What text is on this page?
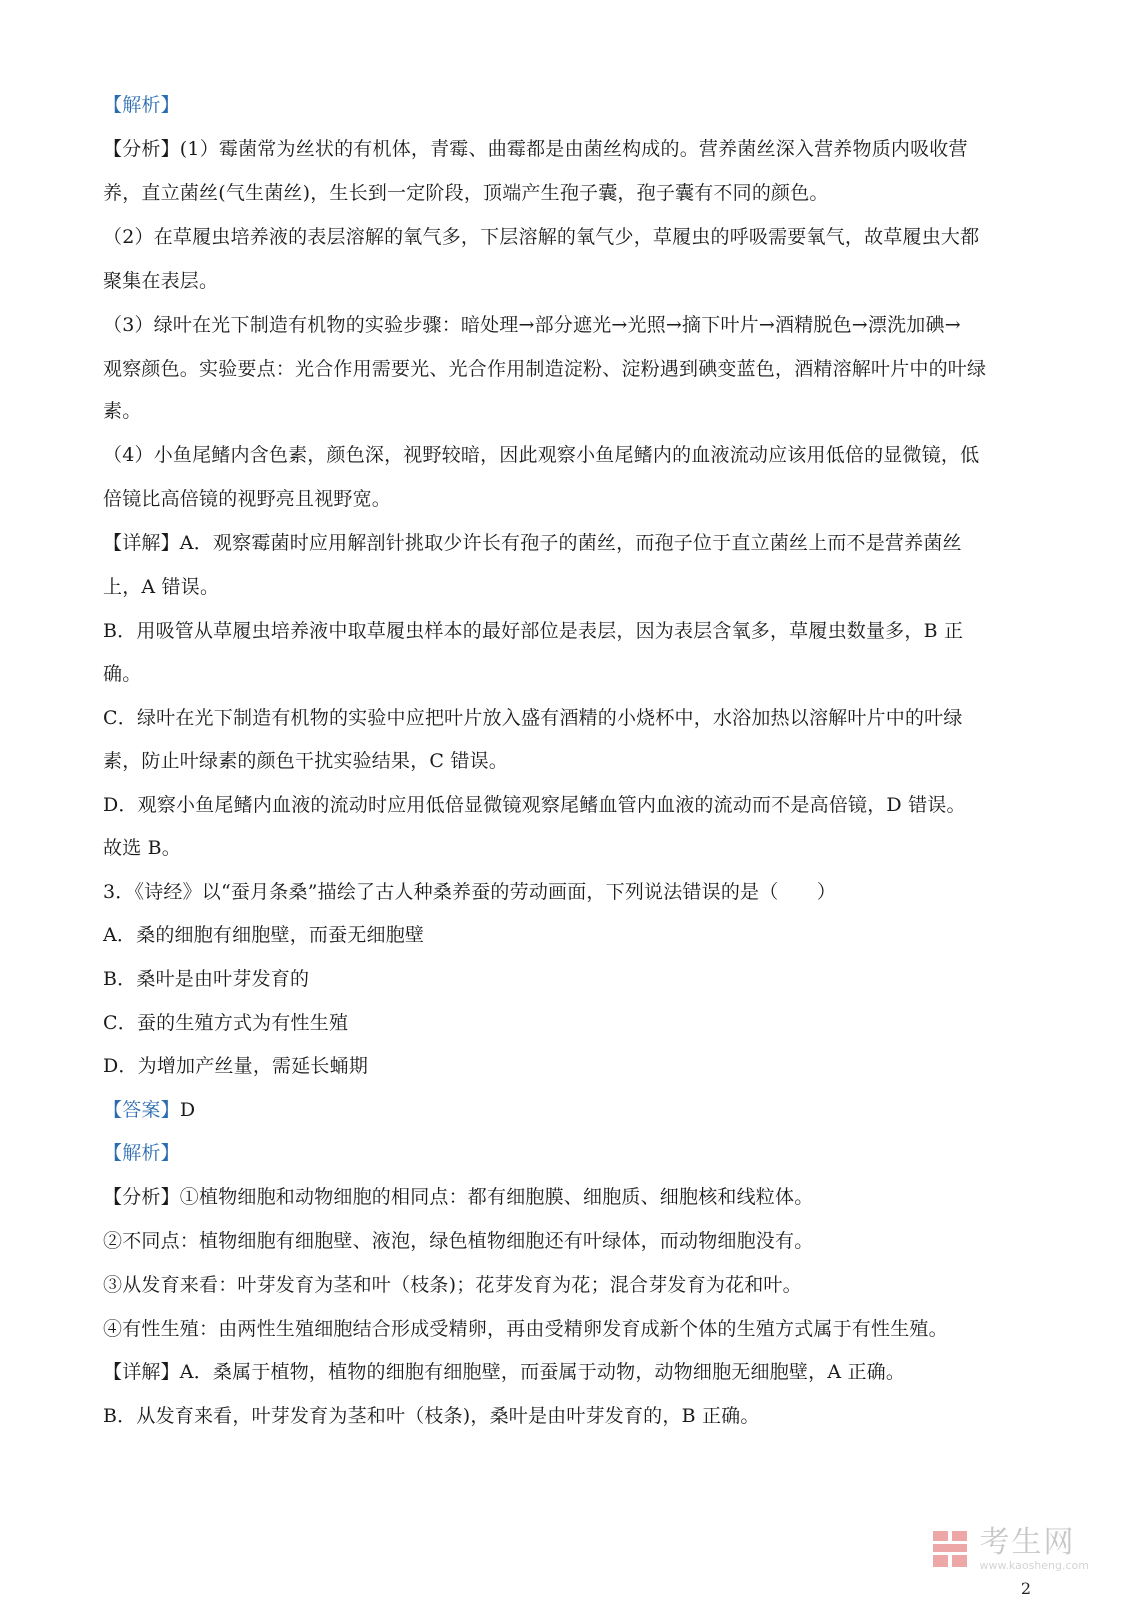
【解析】
【分析】(1）霉菌常为丝状的有机体，青霉、曲霉都是由菌丝构成的。营养菌丝深入营养物质内吸收营
养，直立菌丝(气生菌丝)，生长到一定阶段，顶端产生孢子囊，孢子囊有不同的颜色。
（2）在草履虫培养液的表层溶解的氧气多，下层溶解的氧气少，草履虫的呼吸需要氧气，故草履虫大都
聚集在表层。
（3）绿叶在光下制造有机物的实验步骤：暗处理→部分遮光→光照→摘下叶片→酒精脱色→漂洗加碘→
观察颜色。实验要点：光合作用需要光、光合作用制造淀粉、淀粉遇到碘变蓝色，酒精溶解叶片中的叶绿
素。
（4）小鱼尾鳍内含色素，颜色深，视野较暗，因此观察小鱼尾鳍内的血液流动应该用低倍的显微镜，低
倍镜比高倍镜的视野亮且视野宽。
【详解】A．观察霉菌时应用解剖针挑取少许长有孢子的菌丝，而孢子位于直立菌丝上而不是营养菌丝
上，A 错误。
B．用吸管从草履虫培养液中取草履虫样本的最好部位是表层，因为表层含氧多，草履虫数量多，B 正
确。
C．绿叶在光下制造有机物的实验中应把叶片放入盛有酒精的小烧杯中，水浴加热以溶解叶片中的叶绿
素，防止叶绿素的颜色干扰实验结果，C 错误。
D．观察小鱼尾鳍内血液的流动时应用低倍显微镜观察尾鳍血管内血液的流动而不是高倍镜，D 错误。
故选 B。
3．《诗经》以“蚕月条桑”描绘了古人种桑养蚕的劳动画面，下列说法错误的是（　　）
A．桑的细胞有细胞壁，而蚕无细胞壁
B．桑叶是由叶芽发育的
C．蚕的生殖方式为有性生殖
D．为增加产丝量，需延长蛹期
【答案】D
【解析】
【分析】①植物细胞和动物细胞的相同点：都有细胞膜、细胞质、细胞核和线粒体。
②不同点：植物细胞有细胞壁、液泡，绿色植物细胞还有叶绿体，而动物细胞没有。
③从发育来看：叶芽发育为茎和叶（枝条)；花芽发育为花；混合芽发育为花和叶。
④有性生殖：由两性生殖细胞结合形成受精卵，再由受精卵发育成新个体的生殖方式属于有性生殖。
【详解】A．桑属于植物，植物的细胞有细胞壁，而蚕属于动物，动物细胞无细胞壁，A 正确。
B．从发育来看，叶芽发育为茎和叶（枝条)，桑叶是由叶芽发育的，B 正确。
考生网
www.kaosheng.com
2
